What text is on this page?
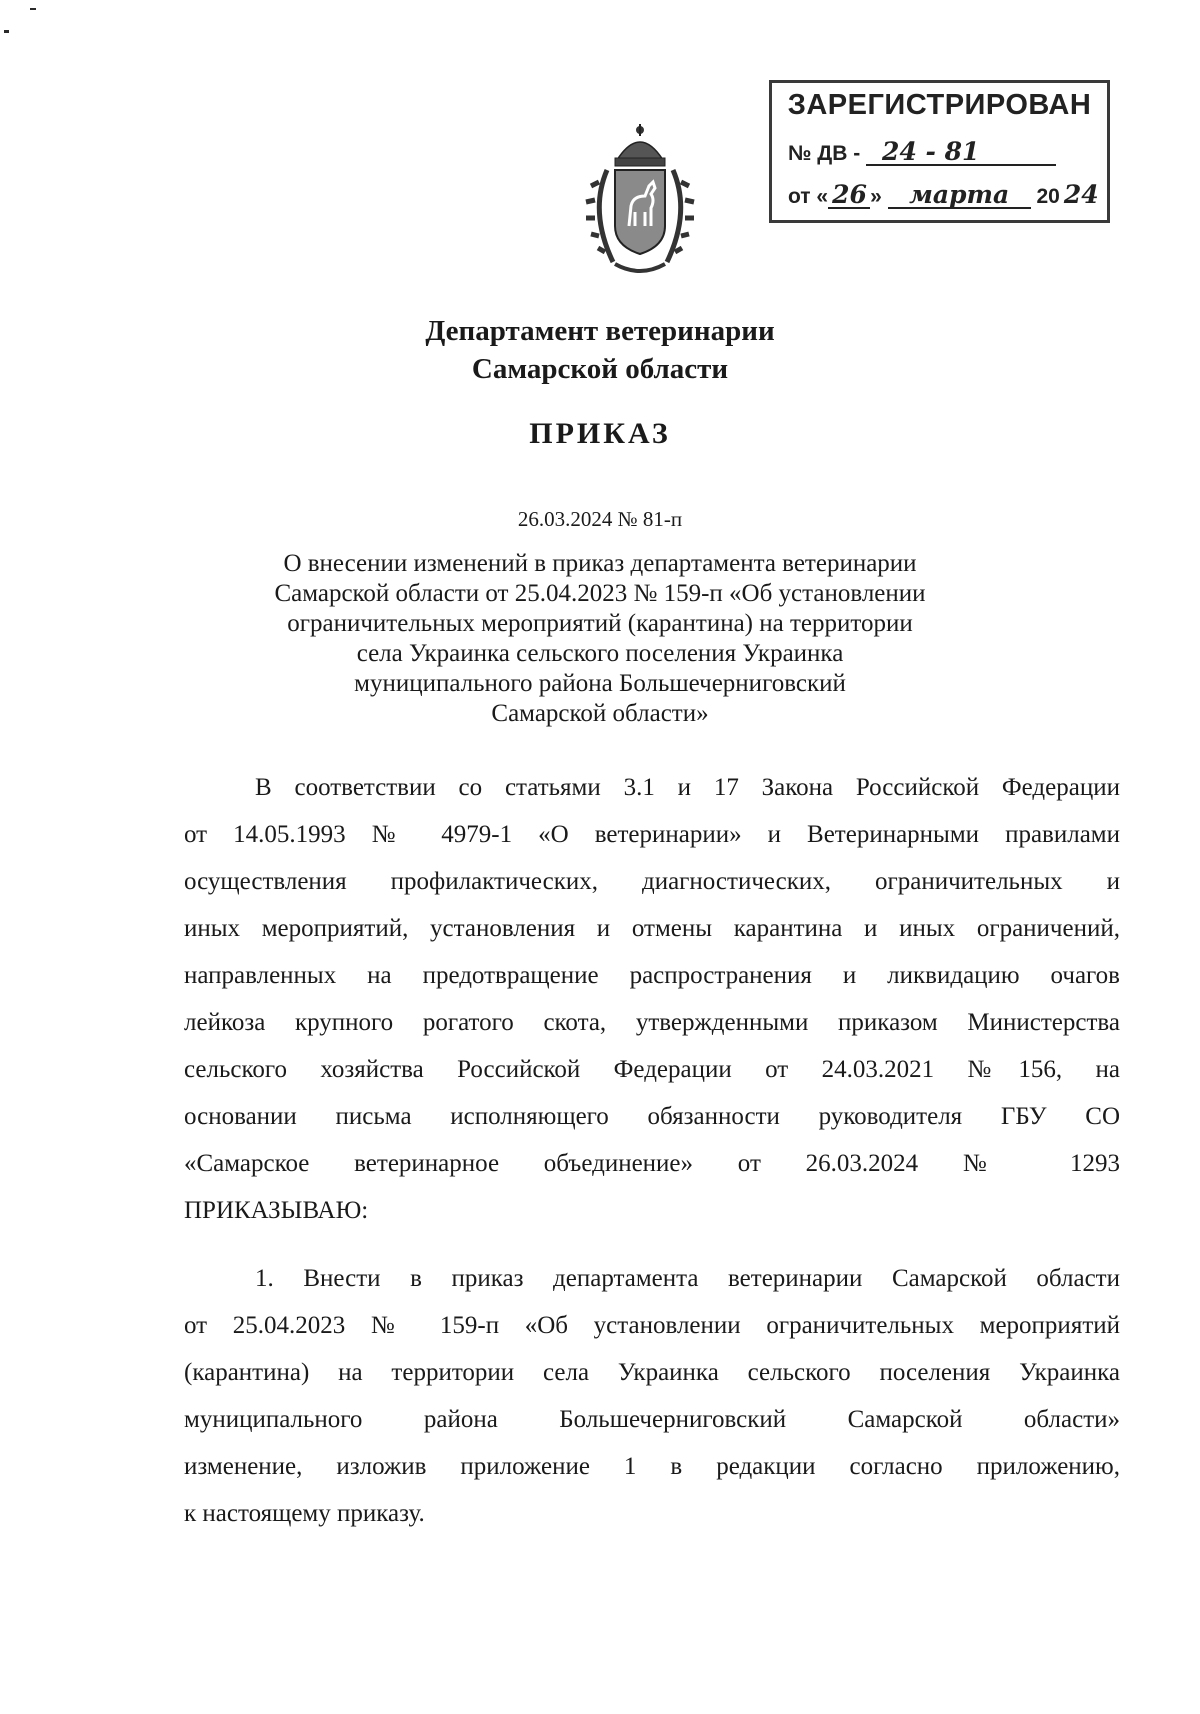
ЗАРЕГИСТРИРОВАН
№ ДВ - 24 - 81
от « 26 » марта 20 24
Департамент ветеринарии
Самарской области
ПРИКАЗ
26.03.2024 № 81-п
О внесении изменений в приказ департамента ветеринарии
Самарской области от 25.04.2023 № 159-п «Об установлении
ограничительных мероприятий (карантина) на территории
села Украинка сельского поселения Украинка
муниципального района Большечерниговский
Самарской области»
В соответствии со статьями 3.1 и 17 Закона Российской Федерации
от 14.05.1993 № 4979-1 «О ветеринарии» и Ветеринарными правилами
осуществления профилактических, диагностических, ограничительных и
иных мероприятий, установления и отмены карантина и иных ограничений,
направленных на предотвращение распространения и ликвидацию очагов
лейкоза крупного рогатого скота, утвержденными приказом Министерства
сельского хозяйства Российской Федерации от 24.03.2021 №156, на
основании письма исполняющего обязанности руководителя ГБУ СО
«Самарское ветеринарное объединение» от 26.03.2024 № 1293
ПРИКАЗЫВАЮ:
1. Внести в приказ департамента ветеринарии Самарской области
от 25.04.2023 № 159-п «Об установлении ограничительных мероприятий
(карантина) на территории села Украинка сельского поселения Украинка
муниципального района Большечерниговский Самарской области»
изменение, изложив приложение 1 в редакции согласно приложению,
к настоящему приказу.
